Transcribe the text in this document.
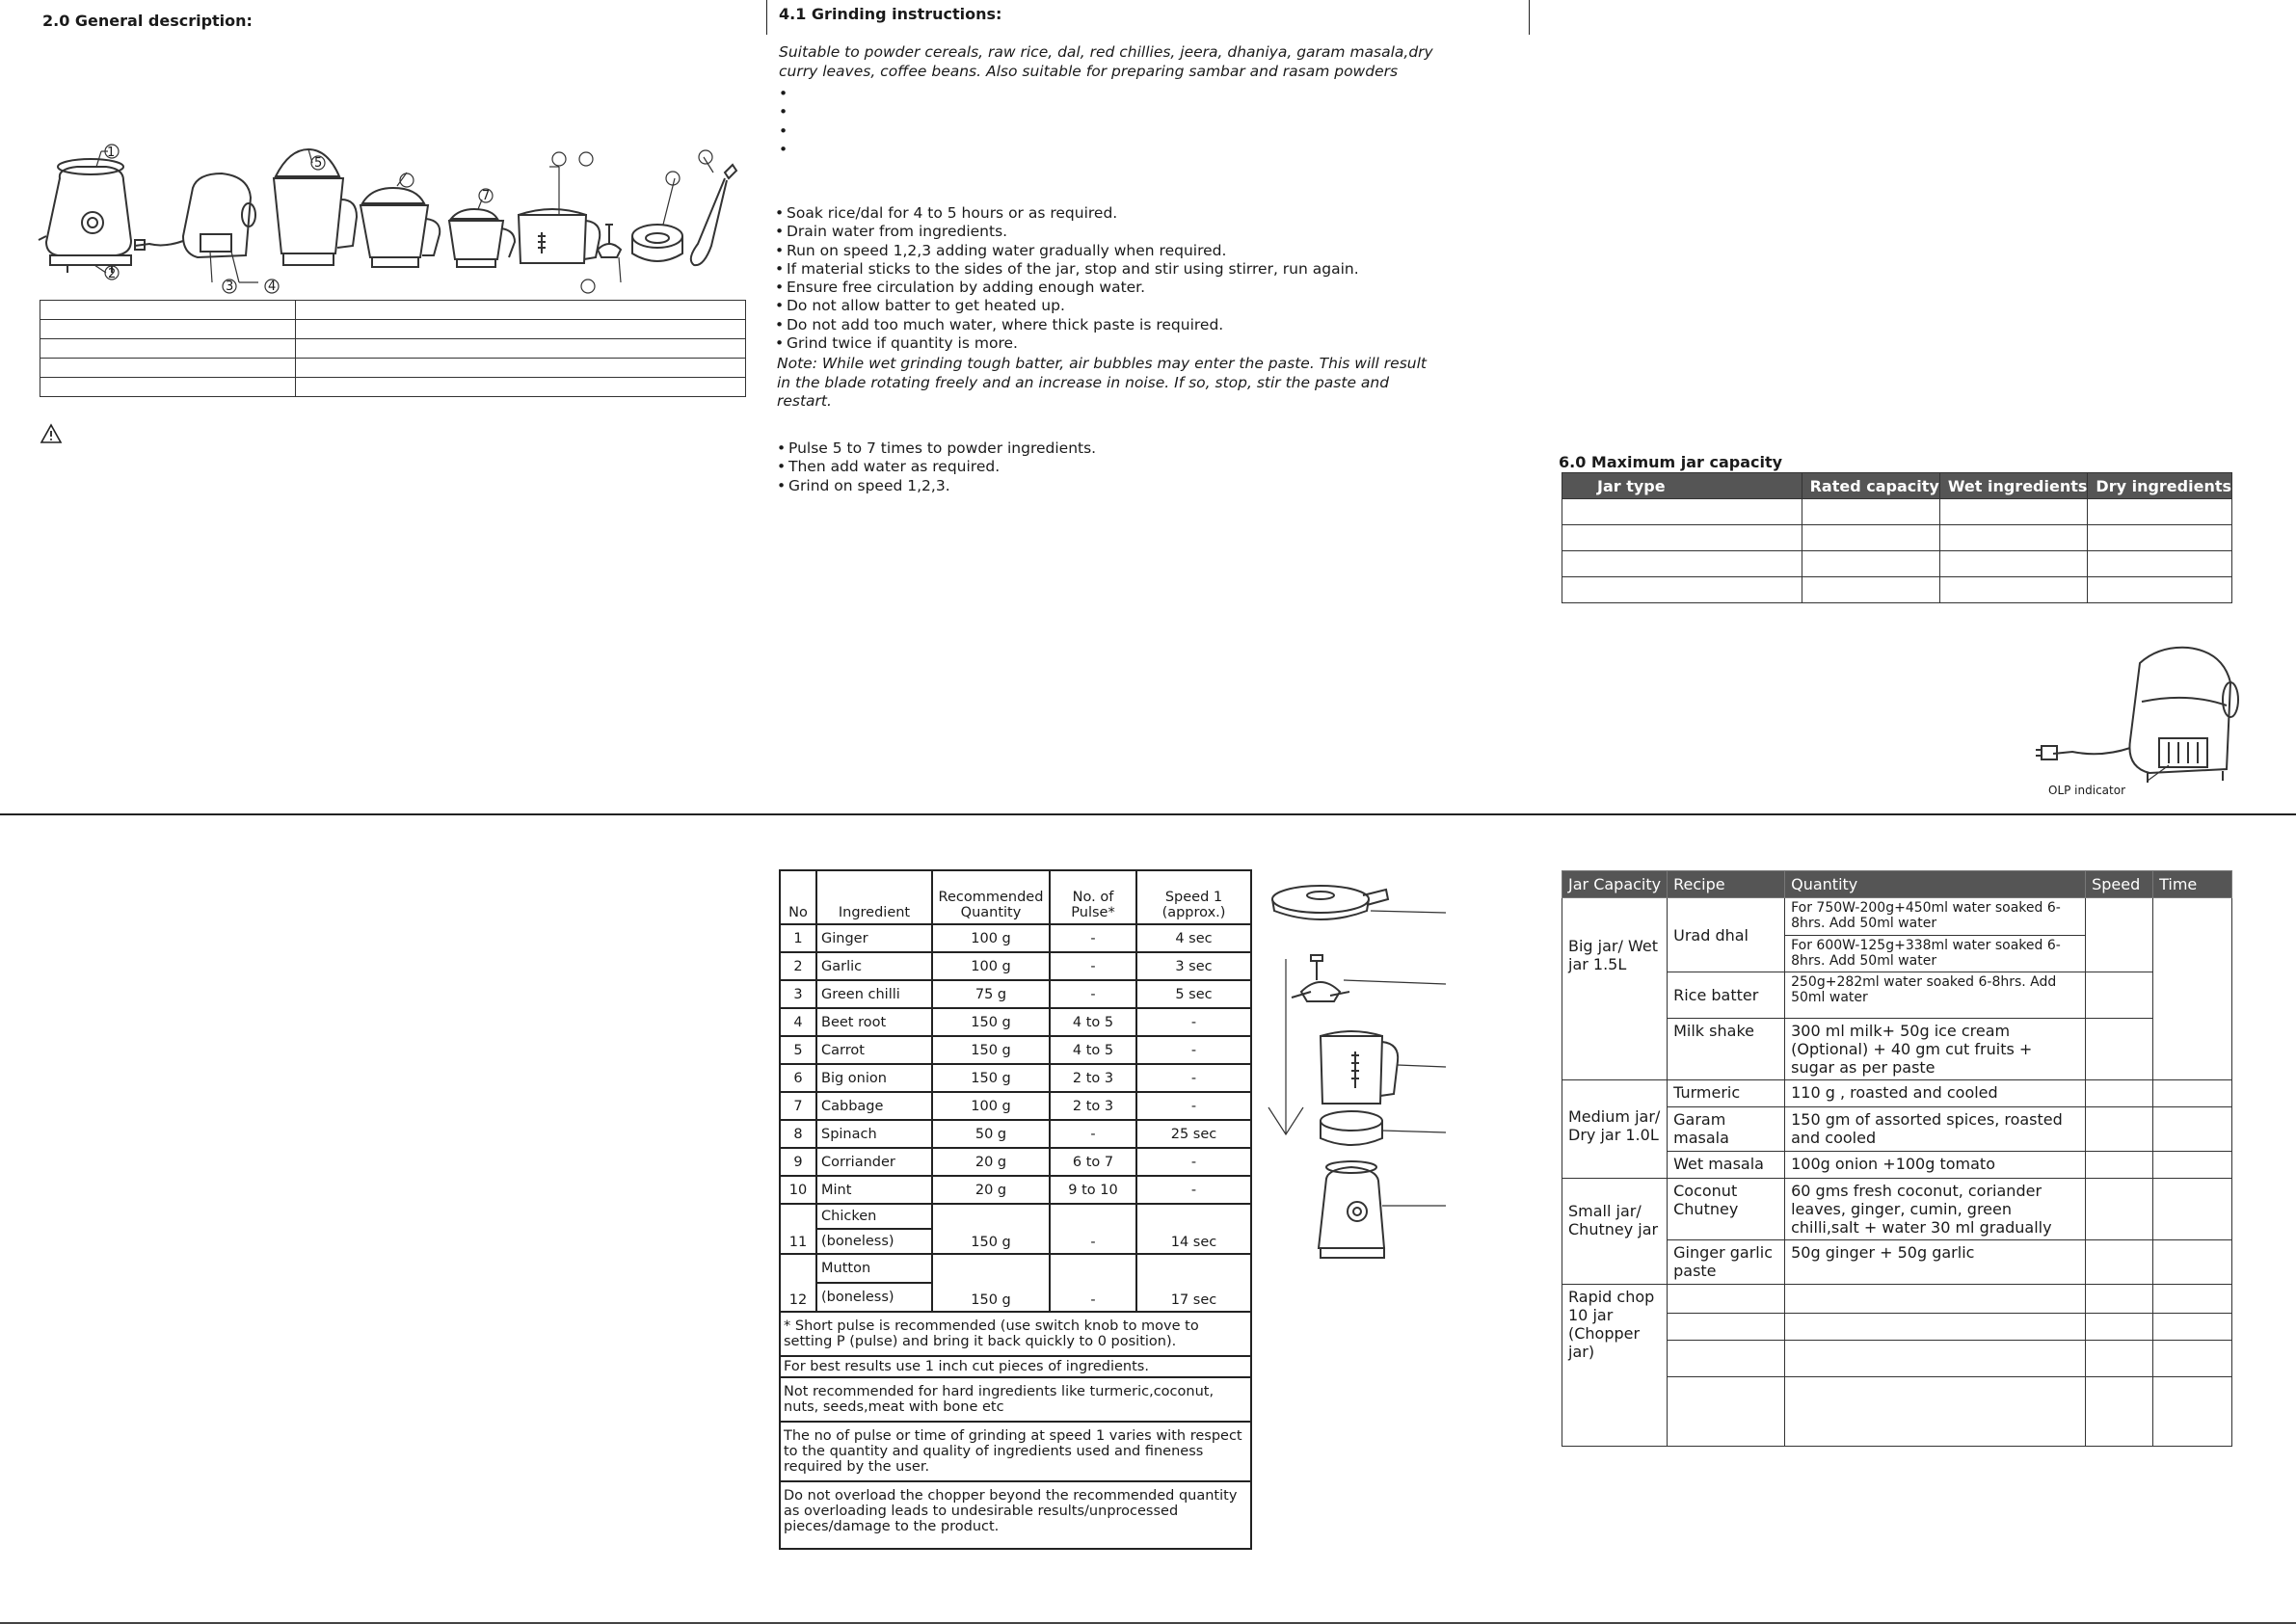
2.0 General description:
1
2
3	4
5
7

4.1 Grinding instructions:
Suitable to powder cereals, raw rice, dal, red chillies, jeera, dhaniya, garam masala,dry curry leaves, coffee beans. Also suitable for preparing sambar and rasam powders
•
•
•
•
• Soak rice/dal for 4 to 5 hours or as required.
• Drain water from ingredients.
• Run on speed 1,2,3 adding water gradually when required.
• If material sticks to the sides of the jar, stop and stir using stirrer, run again.
• Ensure free circulation by adding enough water.
• Do not allow batter to get heated up.
• Do not add too much water, where thick paste is required.
• Grind twice if quantity is more.
Note: While wet grinding tough batter, air bubbles may enter the paste. This will result in the blade rotating freely and an increase in noise. If so, stop, stir the paste and restart.
• Pulse 5 to 7 times to powder ingredients.
• Then add water as required.
• Grind on speed 1,2,3.
6.0 Maximum jar capacity
Jar type	Rated capacity	Wet ingredients	Dry ingredients

OLP indicator
No	Ingredient	Recommended Quantity	No. of Pulse*	Speed 1 (approx.)
1	Ginger	100 g	-	4 sec
2	Garlic	100 g	-	3 sec
3	Green chilli	75 g	-	5 sec
4	Beet root	150 g	4 to 5	-
5	Carrot	150 g	4 to 5	-
6	Big onion	150 g	2 to 3	-
7	Cabbage	100 g	2 to 3	-
8	Spinach	50 g	-	25 sec
9	Corriander	20 g	6 to 7	-
10	Mint	20 g	9 to 10	-
11	Chicken	150 g	-	14 sec
	(boneless)			
12	Mutton	150 g	-	17 sec
	(boneless)			
* Short pulse is recommended (use switch knob to move to setting P (pulse) and bring it back quickly to 0 position).				
For best results use 1 inch cut pieces of ingredients.				
Not recommended for hard ingredients like turmeric,coconut, nuts, seeds,meat with bone etc				
The no of pulse or time of grinding at speed 1 varies with respect to the quantity and quality of ingredients used and fineness required by the user.				
Do not overload the chopper beyond the recommended quantity as overloading leads to undesirable results/unprocessed pieces/damage to the product.				
Jar Capacity	Recipe	Quantity	Speed	Time
Big jar/ Wet jar 1.5L	Urad dhal	For 750W-200g+450ml water soaked 6-8hrs. Add 50ml water		
		For 600W-125g+338ml water soaked 6-8hrs. Add 50ml water		
	Rice batter	250g+282ml water soaked 6-8hrs. Add 50ml water		
	Milk shake	300 ml milk+ 50g ice cream (Optional) + 40 gm cut fruits + sugar as per paste		

Medium jar/ Dry jar 1.0L	Turmeric	110 g , roasted and cooled		
	Garam masala	150 gm of assorted spices, roasted and cooled		
	Wet masala	100g onion +100g tomato		
Small jar/ Chutney jar	Coconut Chutney	60 gms fresh coconut, coriander leaves, ginger, cumin, green chilli,salt + water 30 ml gradually		
	Ginger garlic paste	50g ginger + 50g garlic		
Rapid chop 10 jar (Chopper jar)				
